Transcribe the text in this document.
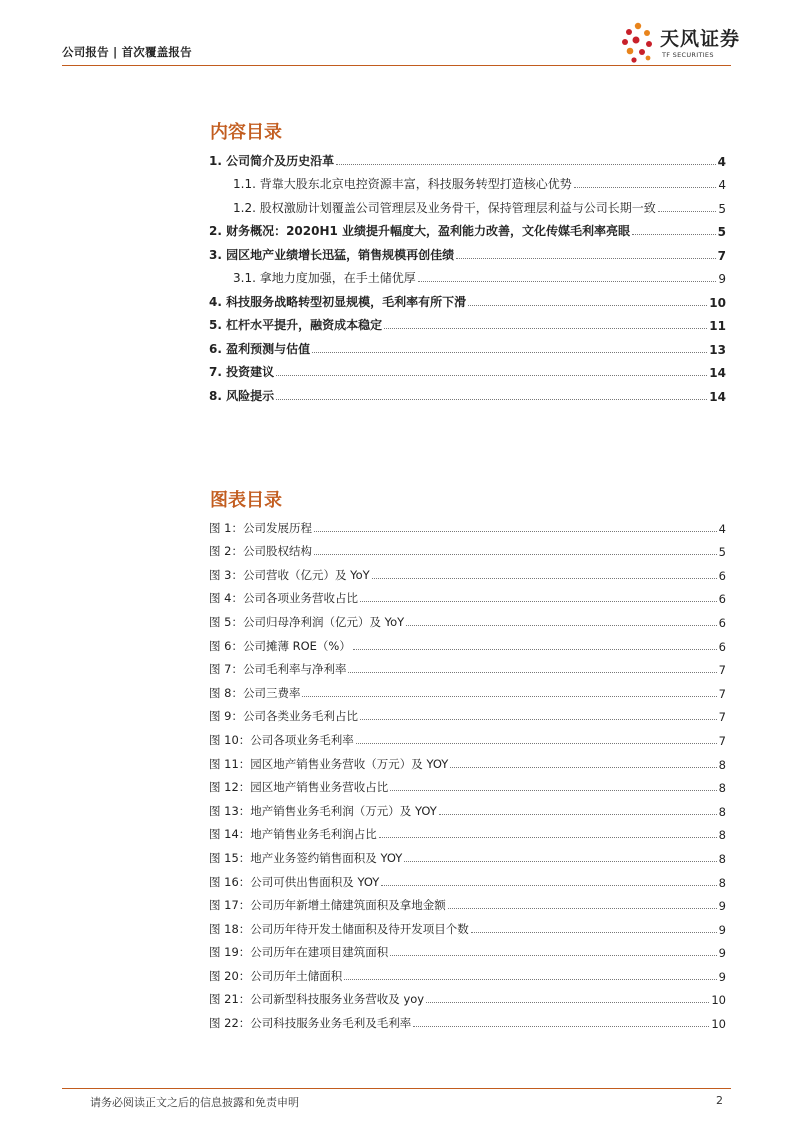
公司报告 | 首次覆盖报告
天风证券
TF SECURITIES
内容目录
1. 公司简介及历史沿革	4
1.1. 背靠大股东北京电控资源丰富，科技服务转型打造核心优势	4
1.2. 股权激励计划覆盖公司管理层及业务骨干，保持管理层利益与公司长期一致	5
2. 财务概况：2020H1 业绩提升幅度大，盈利能力改善，文化传媒毛利率亮眼	5
3. 园区地产业绩增长迅猛，销售规模再创佳绩	7
3.1. 拿地力度加强，在手土储优厚	9
4. 科技服务战略转型初显规模，毛利率有所下滑	10
5. 杠杆水平提升，融资成本稳定	11
6. 盈利预测与估值	13
7. 投资建议	14
8. 风险提示	14
图表目录
图 1：公司发展历程	4
图 2：公司股权结构	5
图 3：公司营收（亿元）及 YoY	6
图 4：公司各项业务营收占比	6
图 5：公司归母净利润（亿元）及 YoY	6
图 6：公司摊薄 ROE（%）	6
图 7：公司毛利率与净利率	7
图 8：公司三费率	7
图 9：公司各类业务毛利占比	7
图 10：公司各项业务毛利率	7
图 11：园区地产销售业务营收（万元）及 YOY	8
图 12：园区地产销售业务营收占比	8
图 13：地产销售业务毛利润（万元）及 YOY	8
图 14：地产销售业务毛利润占比	8
图 15：地产业务签约销售面积及 YOY	8
图 16：公司可供出售面积及 YOY	8
图 17：公司历年新增土储建筑面积及拿地金额	9
图 18：公司历年待开发土储面积及待开发项目个数	9
图 19：公司历年在建项目建筑面积	9
图 20：公司历年土储面积	9
图 21：公司新型科技服务业务营收及 yoy	10
图 22：公司科技服务业务毛利及毛利率	10
请务必阅读正文之后的信息披露和免责申明	2
